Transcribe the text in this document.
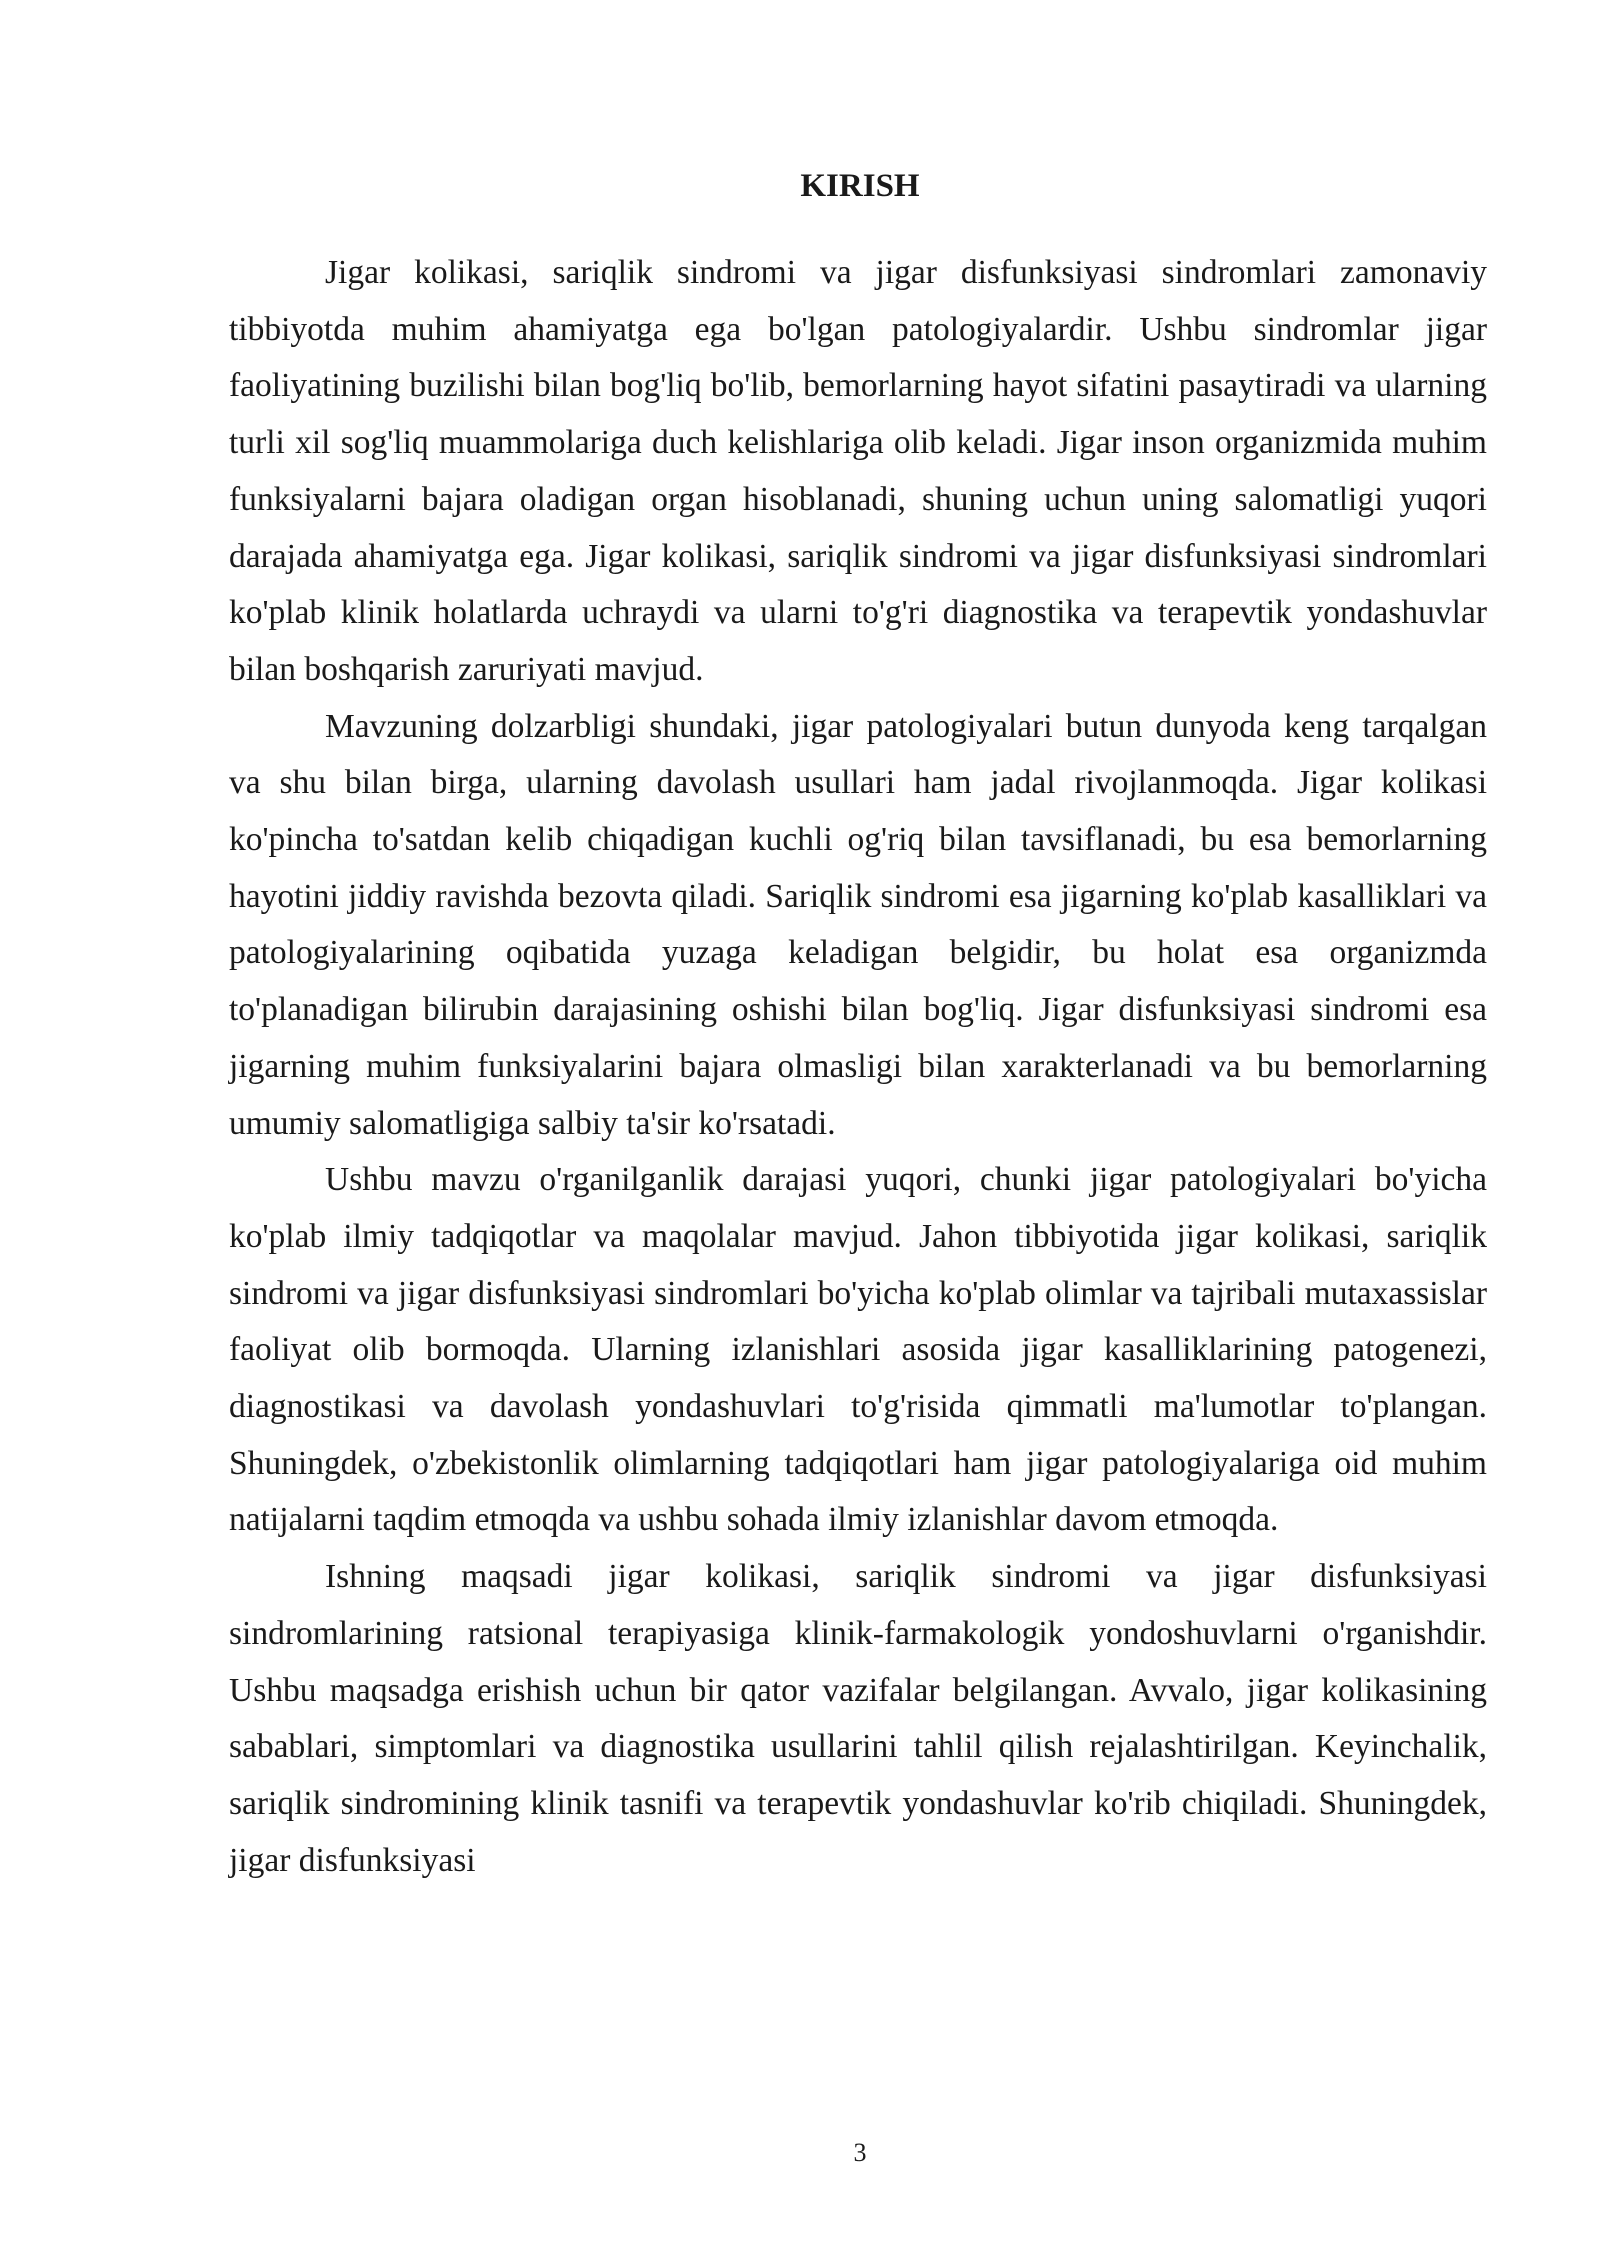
KIRISH

Jigar kolikasi, sariqlik sindromi va jigar disfunksiyasi sindromlari zamonaviy tibbiyotda muhim ahamiyatga ega bo'lgan patologiyalardir. Ushbu sindromlar jigar faoliyatining buzilishi bilan bog'liq bo'lib, bemorlarning hayot sifatini pasaytiradi va ularning turli xil sog'liq muammolariga duch kelishlariga olib keladi. Jigar inson organizmida muhim funksiyalarni bajara oladigan organ hisoblanadi, shuning uchun uning salomatligi yuqori darajada ahamiyatga ega. Jigar kolikasi, sariqlik sindromi va jigar disfunksiyasi sindromlari ko'plab klinik holatlarda uchraydi va ularni to'g'ri diagnostika va terapevtik yondashuvlar bilan boshqarish zaruriyati mavjud.

Mavzuning dolzarbligi shundaki, jigar patologiyalari butun dunyoda keng tarqalgan va shu bilan birga, ularning davolash usullari ham jadal rivojlanmoqda. Jigar kolikasi ko'pincha to'satdan kelib chiqadigan kuchli og'riq bilan tavsiflanadi, bu esa bemorlarning hayotini jiddiy ravishda bezovta qiladi. Sariqlik sindromi esa jigarning ko'plab kasalliklari va patologiyalarining oqibatida yuzaga keladigan belgidir, bu holat esa organizmda to'planadigan bilirubin darajasining oshishi bilan bog'liq. Jigar disfunksiyasi sindromi esa jigarning muhim funksiyalarini bajara olmasligi bilan xarakterlanadi va bu bemorlarning umumiy salomatligiga salbiy ta'sir ko'rsatadi.

Ushbu mavzu o'rganilganlik darajasi yuqori, chunki jigar patologiyalari bo'yicha ko'plab ilmiy tadqiqotlar va maqolalar mavjud. Jahon tibbiyotida jigar kolikasi, sariqlik sindromi va jigar disfunksiyasi sindromlari bo'yicha ko'plab olimlar va tajribali mutaxassislar faoliyat olib bormoqda. Ularning izlanishlari asosida jigar kasalliklarining patogenezi, diagnostikasi va davolash yondashuvlari to'g'risida qimmatli ma'lumotlar to'plangan. Shuningdek, o'zbekistonlik olimlarning tadqiqotlari ham jigar patologiyalariga oid muhim natijalarni taqdim etmoqda va ushbu sohada ilmiy izlanishlar davom etmoqda.

Ishning maqsadi jigar kolikasi, sariqlik sindromi va jigar disfunksiyasi sindromlarining ratsional terapiyasiga klinik-farmakologik yondoshuvlarni o'rganishdir. Ushbu maqsadga erishish uchun bir qator vazifalar belgilangan. Avvalo, jigar kolikasining sabablari, simptomlari va diagnostika usullarini tahlil qilish rejalashtirilgan. Keyinchalik, sariqlik sindromining klinik tasnifi va terapevtik yondashuvlar ko'rib chiqiladi. Shuningdek, jigar disfunksiyasi

3
